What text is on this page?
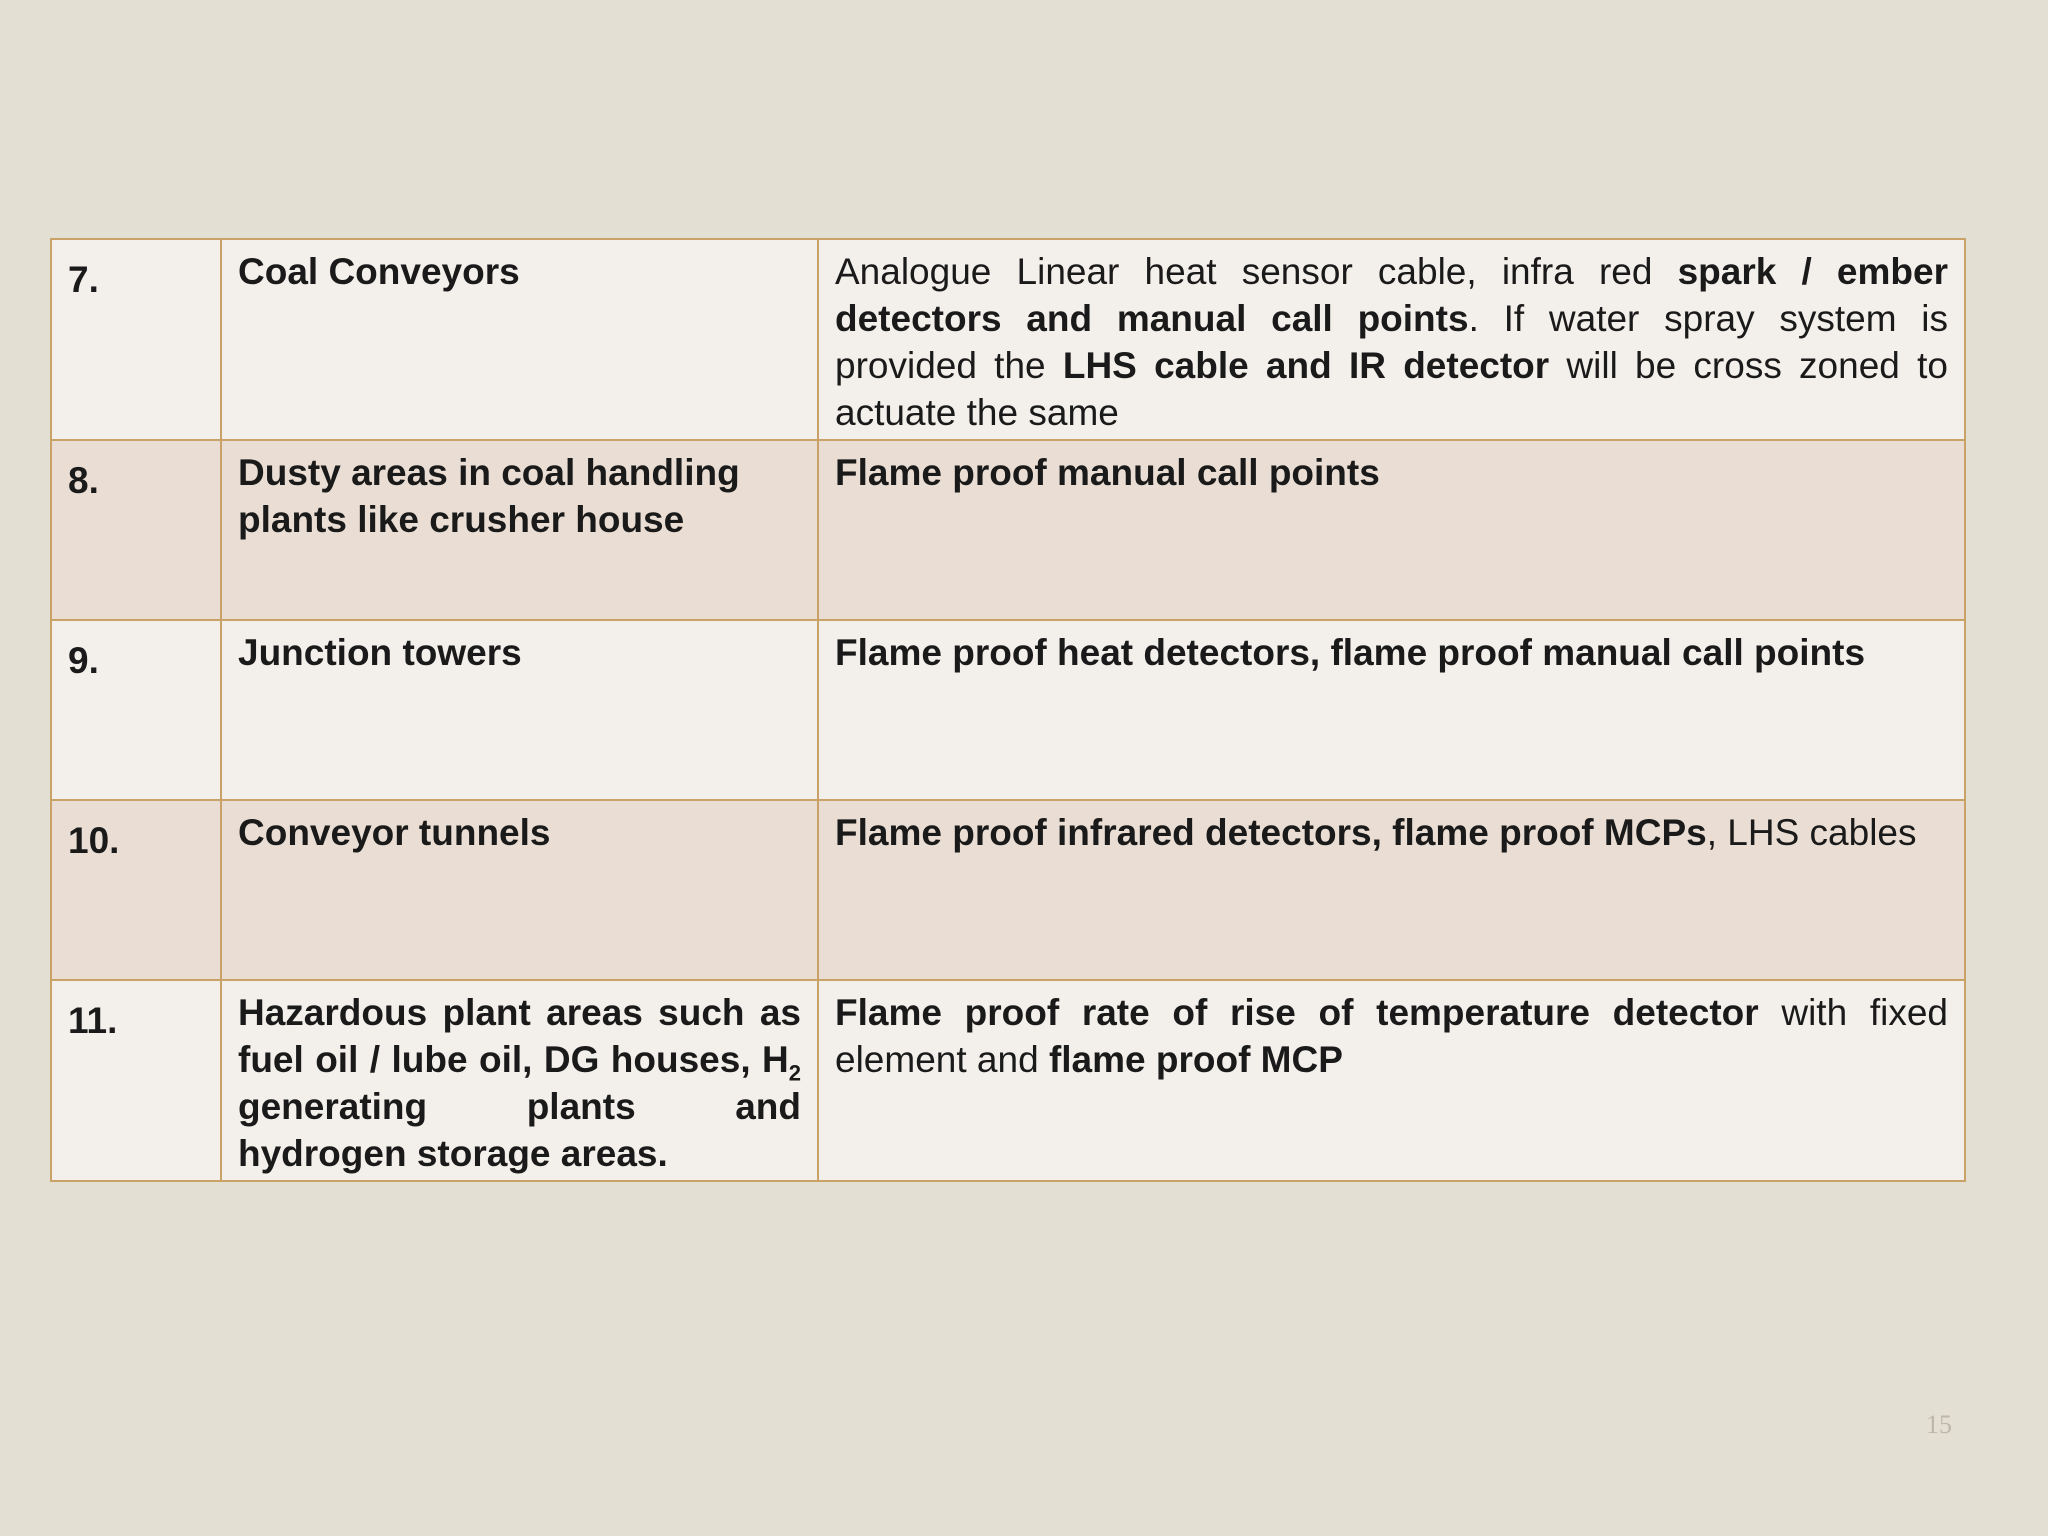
7.	Coal Conveyors	Analogue Linear heat sensor cable, infra red spark / ember detectors and manual call points. If water spray system is provided the LHS cable and IR detector will be cross zoned to actuate the same
8.	Dusty areas in coal handling plants like crusher house	Flame proof manual call points
9.	Junction towers	Flame proof heat detectors, flame proof manual call points
10.	Conveyor tunnels	Flame proof infrared detectors, flame proof MCPs, LHS cables
11.	Hazardous plant areas such as fuel oil / lube oil, DG houses, $H_2$ generating plants and hydrogen storage areas.	Flame proof rate of rise of temperature detector with fixed element and flame proof MCP
15
